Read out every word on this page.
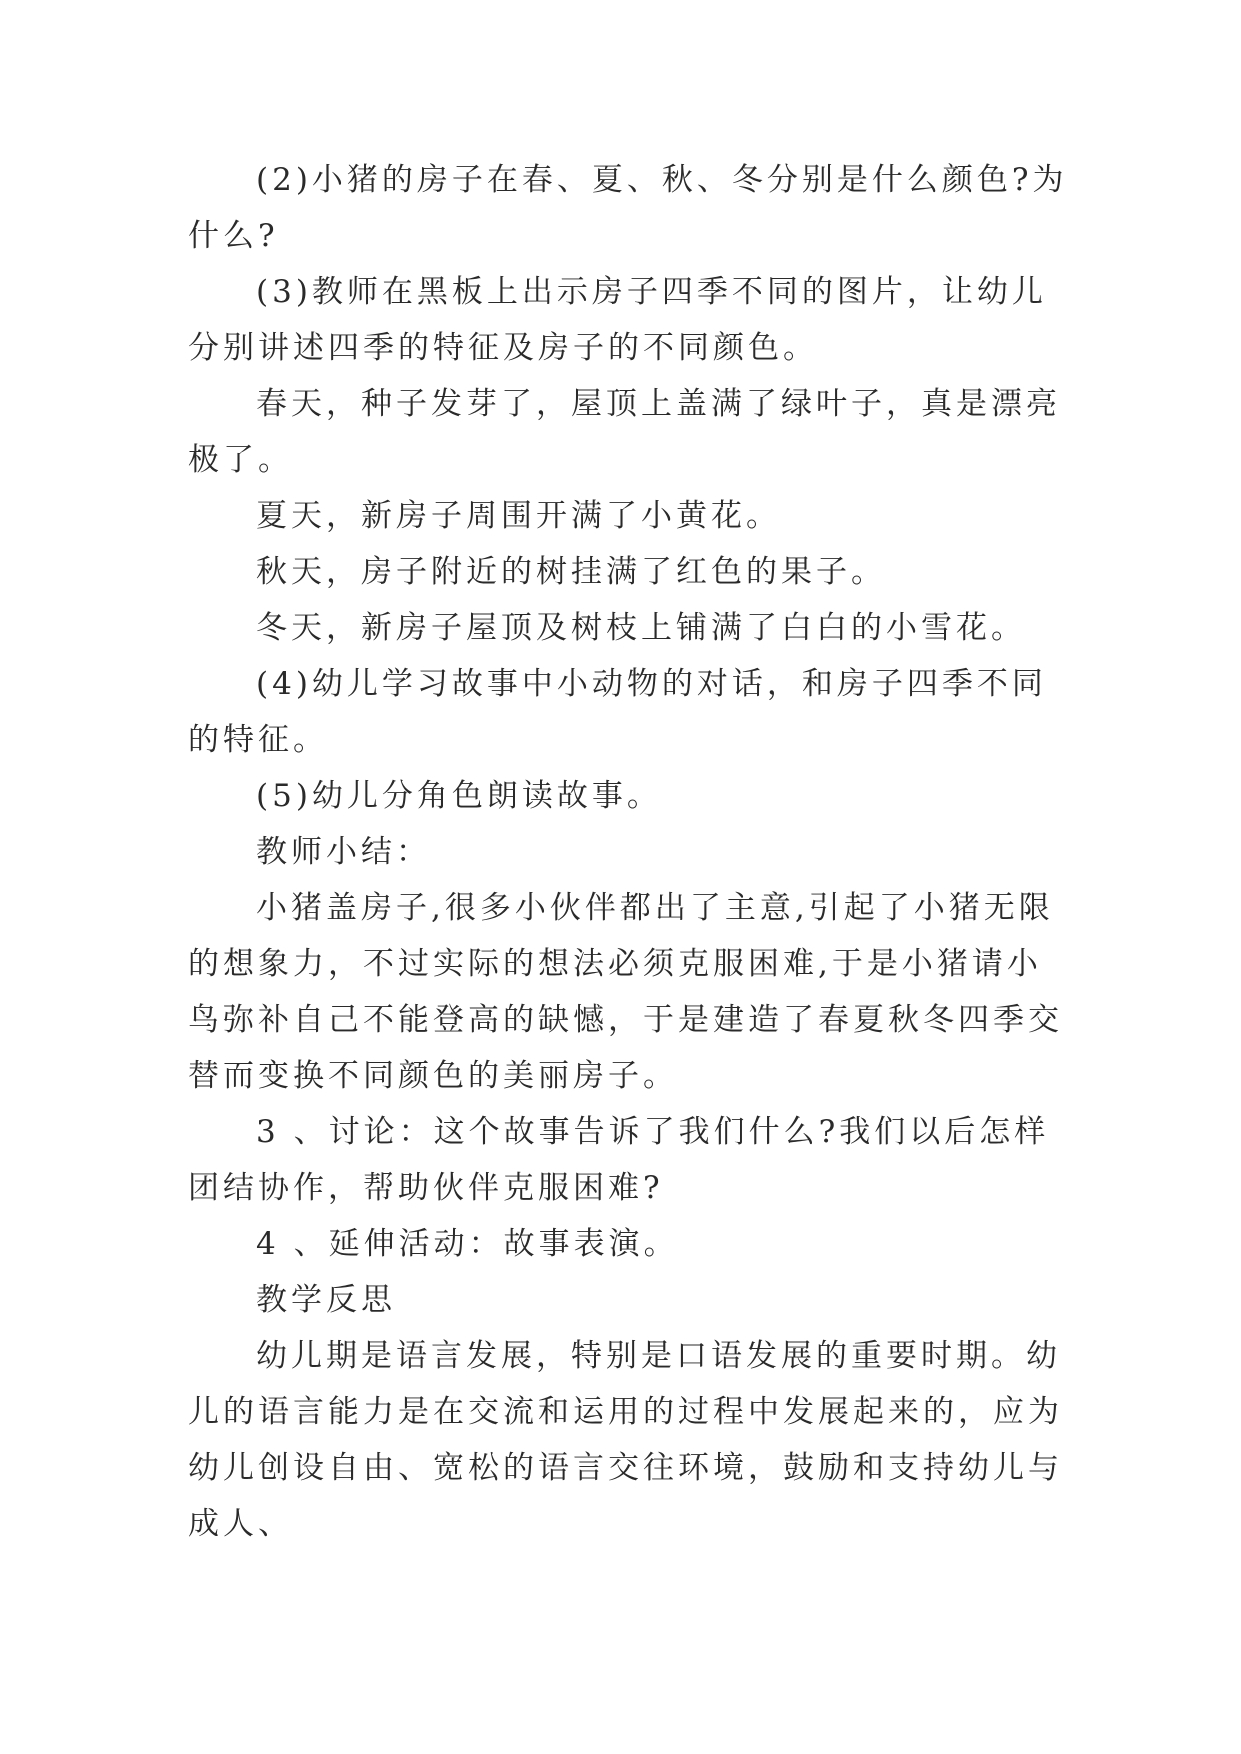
(2)小猪的房子在春、夏、秋、冬分别是什么颜色?为什么?

(3)教师在黑板上出示房子四季不同的图片，让幼儿分别讲述四季的特征及房子的不同颜色。

春天，种子发芽了，屋顶上盖满了绿叶子，真是漂亮极了。

夏天，新房子周围开满了小黄花。

秋天，房子附近的树挂满了红色的果子。

冬天，新房子屋顶及树枝上铺满了白白的小雪花。

(4)幼儿学习故事中小动物的对话，和房子四季不同的特征。

(5)幼儿分角色朗读故事。

教师小结：

小猪盖房子,很多小伙伴都出了主意,引起了小猪无限的想象力，不过实际的想法必须克服困难,于是小猪请小鸟弥补自己不能登高的缺憾，于是建造了春夏秋冬四季交替而变换不同颜色的美丽房子。

3 、讨论：这个故事告诉了我们什么?我们以后怎样团结协作，帮助伙伴克服困难?

4 、延伸活动：故事表演。

教学反思

幼儿期是语言发展，特别是口语发展的重要时期。幼儿的语言能力是在交流和运用的过程中发展起来的，应为幼儿创设自由、宽松的语言交往环境，鼓励和支持幼儿与成人、
